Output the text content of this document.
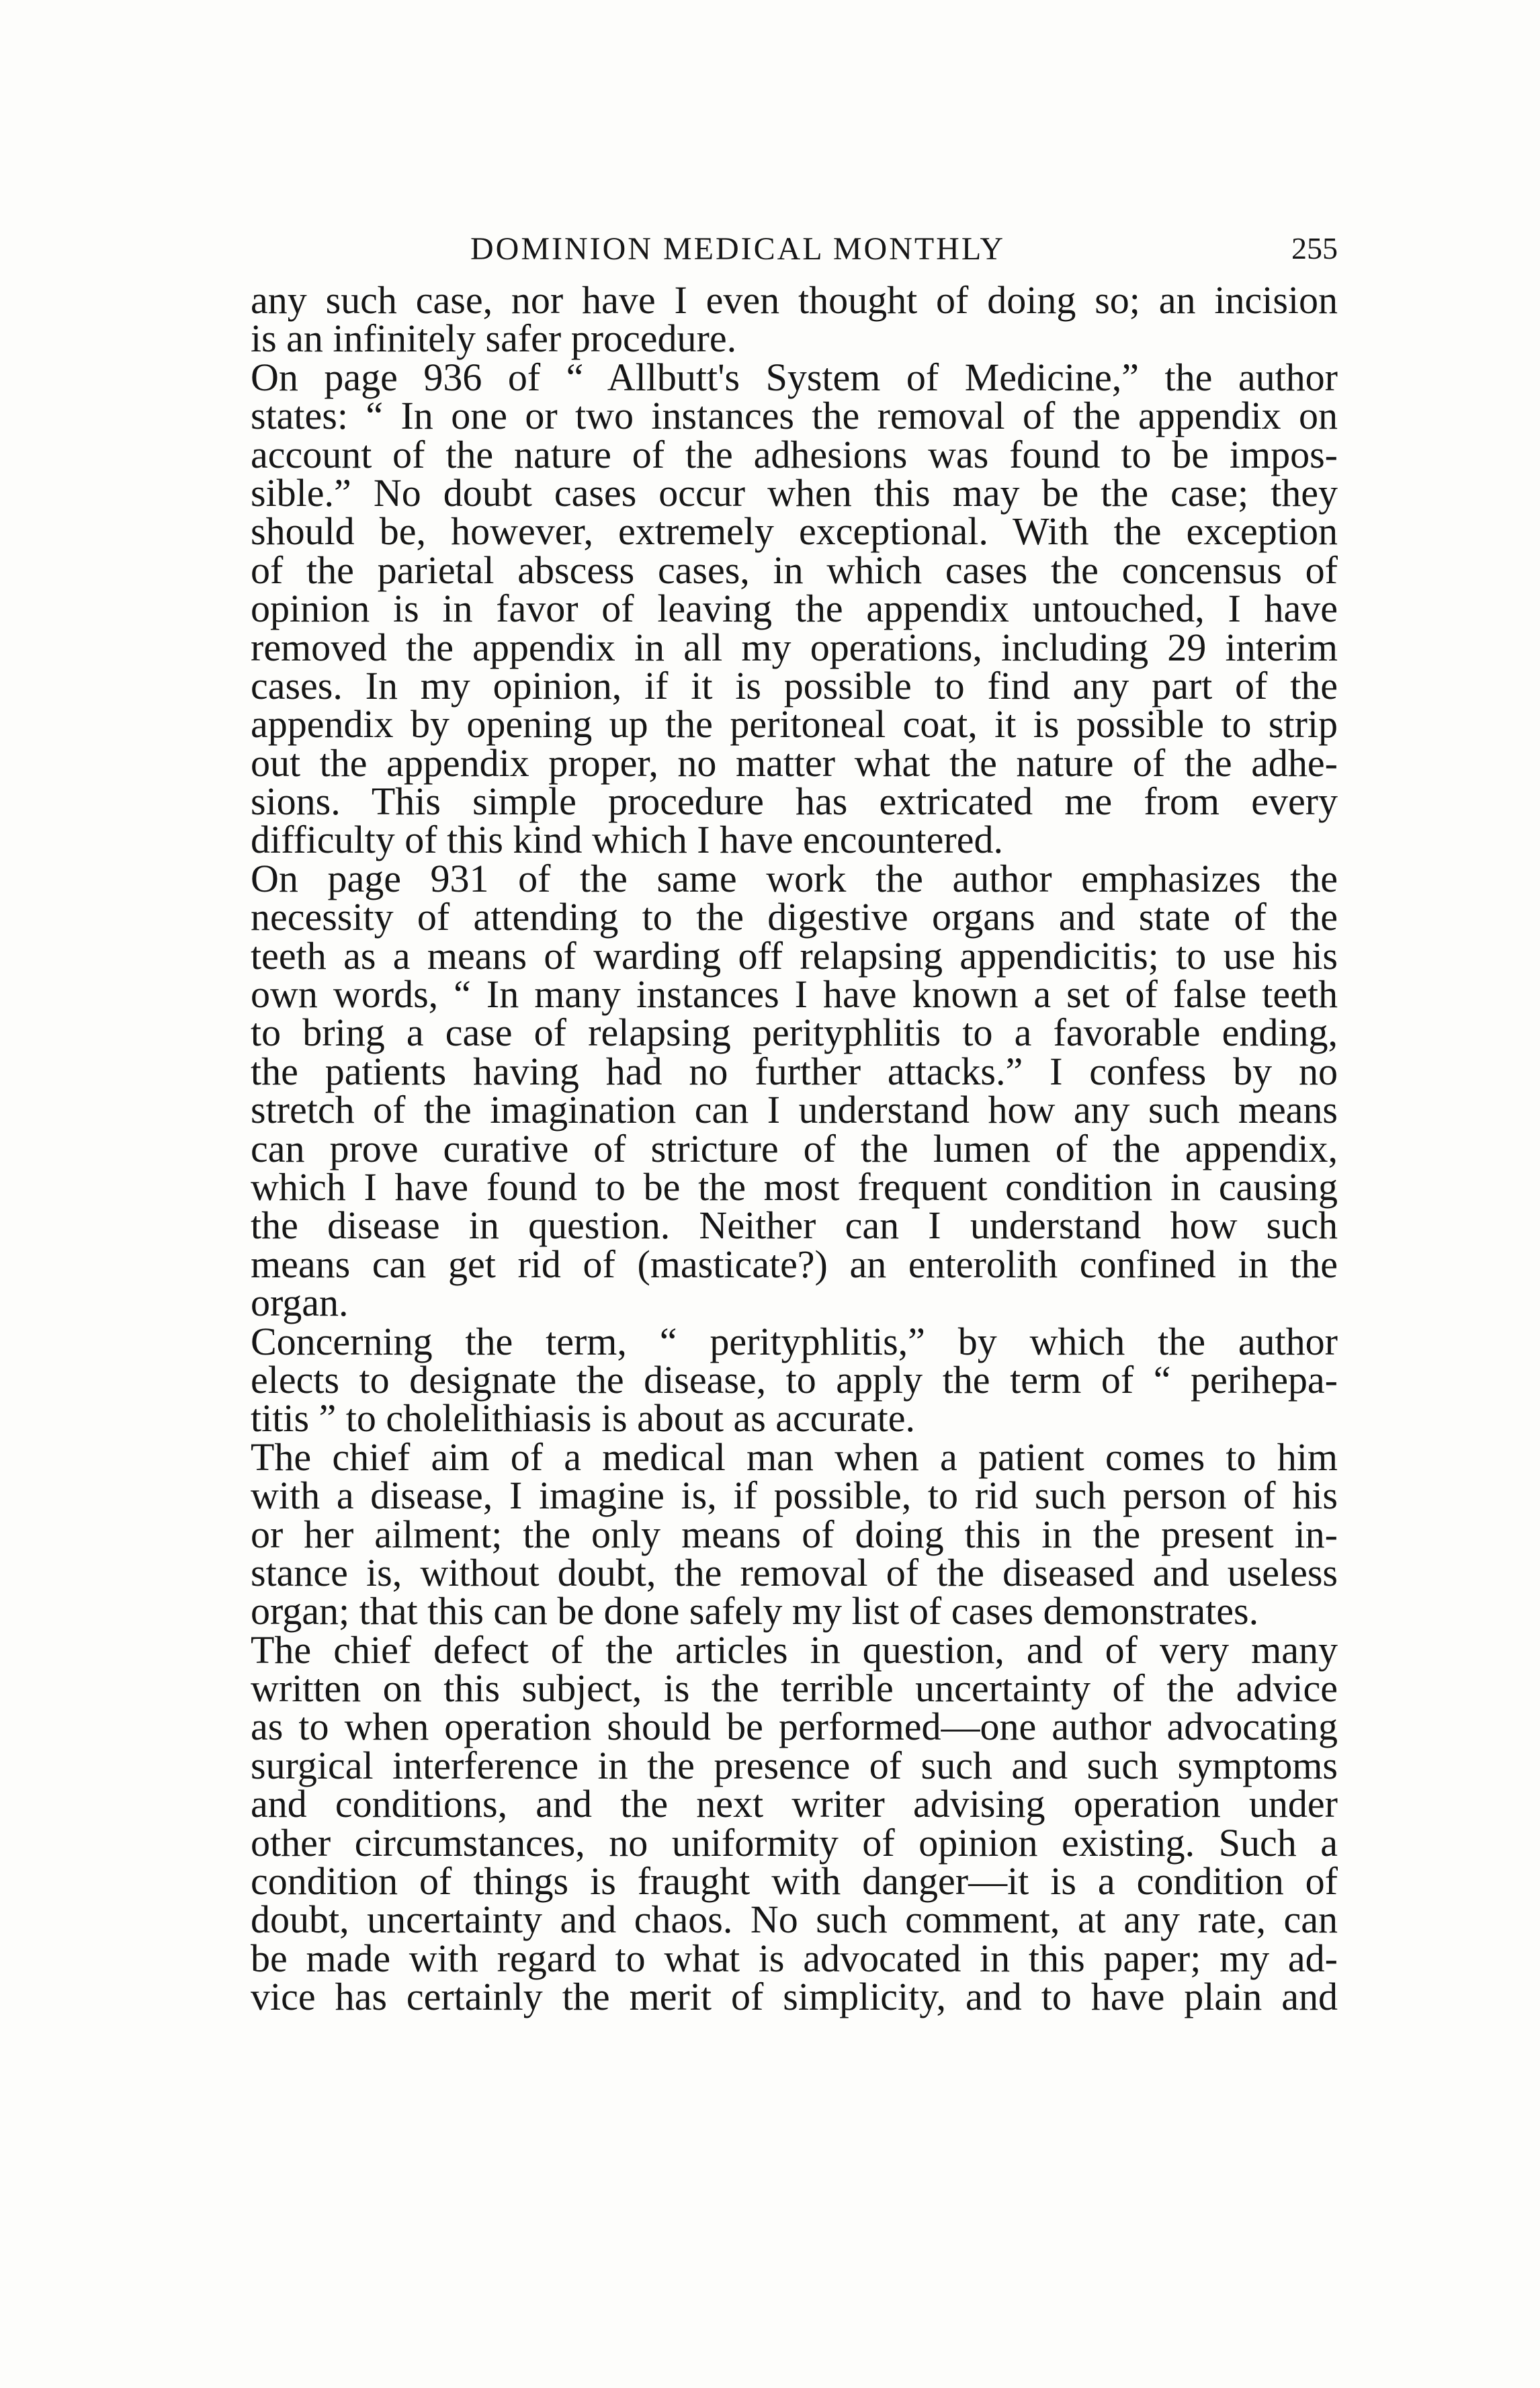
DOMINION MEDICAL MONTHLY	255
any such case, nor have I even thought of doing so; an incision
is an infinitely safer procedure.
On page 936 of “ Allbutt's System of Medicine,” the author
states: “ In one or two instances the removal of the appendix on
account of the nature of the adhesions was found to be impos-
sible.” No doubt cases occur when this may be the case; they
should be, however, extremely exceptional. With the exception
of the parietal abscess cases, in which cases the concensus of
opinion is in favor of leaving the appendix untouched, I have
removed the appendix in all my operations, including 29 interim
cases. In my opinion, if it is possible to find any part of the
appendix by opening up the peritoneal coat, it is possible to strip
out the appendix proper, no matter what the nature of the adhe-
sions. This simple procedure has extricated me from every
difficulty of this kind which I have encountered.
On page 931 of the same work the author emphasizes the
necessity of attending to the digestive organs and state of the
teeth as a means of warding off relapsing appendicitis; to use his
own words, “ In many instances I have known a set of false teeth
to bring a case of relapsing perityphlitis to a favorable ending,
the patients having had no further attacks.” I confess by no
stretch of the imagination can I understand how any such means
can prove curative of stricture of the lumen of the appendix,
which I have found to be the most frequent condition in causing
the disease in question. Neither can I understand how such
means can get rid of (masticate?) an enterolith confined in the
organ.
Concerning the term, “ perityphlitis,” by which the author
elects to designate the disease, to apply the term of “ perihepa-
titis ” to cholelithiasis is about as accurate.
The chief aim of a medical man when a patient comes to him
with a disease, I imagine is, if possible, to rid such person of his
or her ailment; the only means of doing this in the present in-
stance is, without doubt, the removal of the diseased and useless
organ; that this can be done safely my list of cases demonstrates.
The chief defect of the articles in question, and of very many
written on this subject, is the terrible uncertainty of the advice
as to when operation should be performed—one author advocating
surgical interference in the presence of such and such symptoms
and conditions, and the next writer advising operation under
other circumstances, no uniformity of opinion existing. Such a
condition of things is fraught with danger—it is a condition of
doubt, uncertainty and chaos. No such comment, at any rate, can
be made with regard to what is advocated in this paper; my ad-
vice has certainly the merit of simplicity, and to have plain and
